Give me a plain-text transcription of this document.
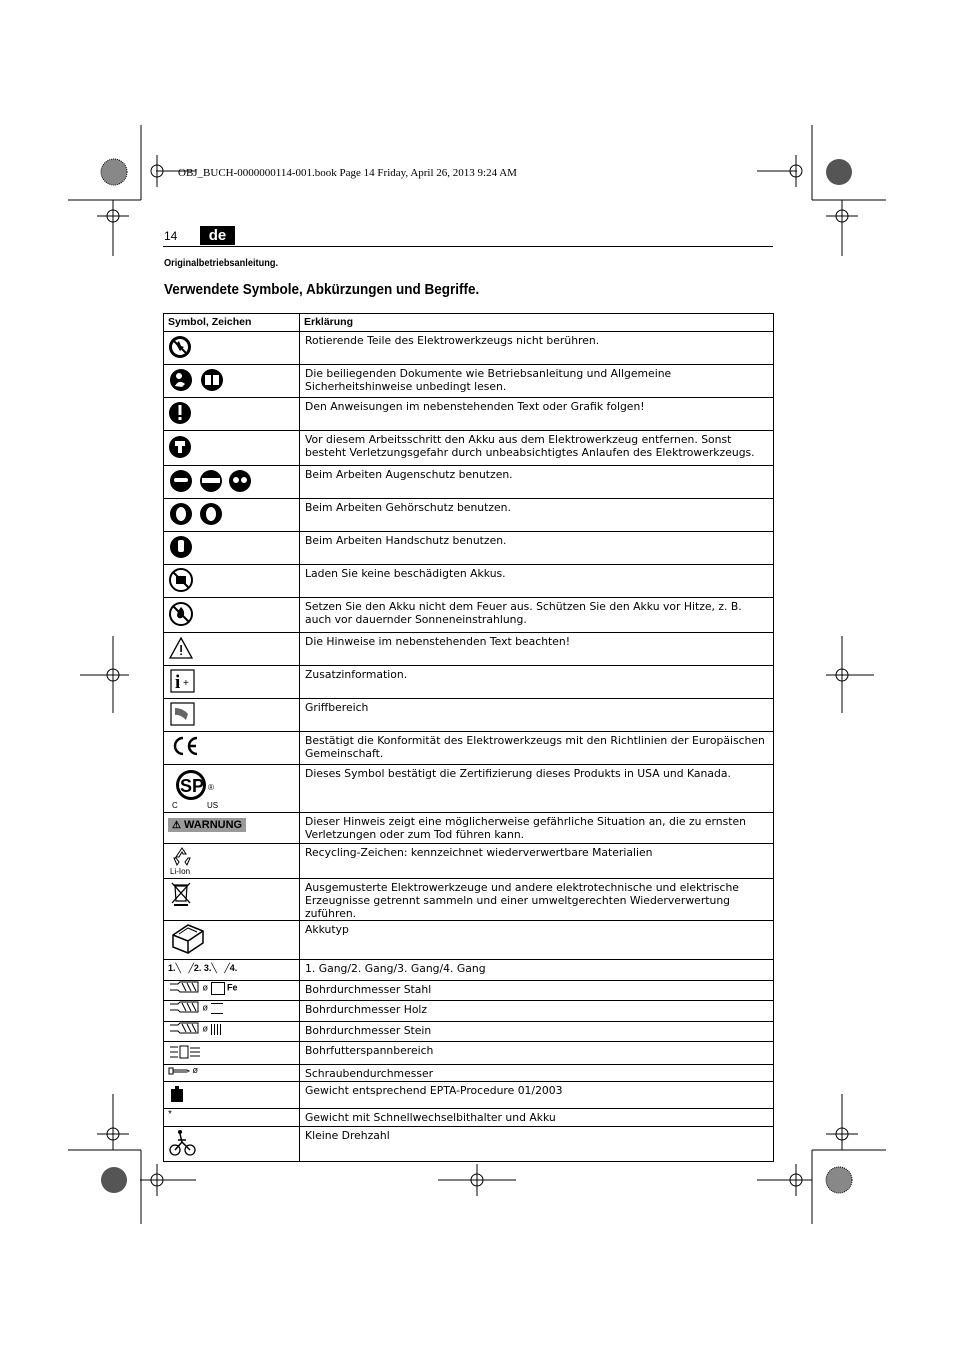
OBJ_BUCH-0000000114-001.book Page 14 Friday, April 26, 2013 9:24 AM
14	de
Originalbetriebsanleitung.
Verwendete Symbole, Abkürzungen und Begriffe.
Symbol, Zeichen	Erklärung
	Rotierende Teile des Elektrowerkzeugs nicht berühren.
	Die beiliegenden Dokumente wie Betriebsanleitung und Allgemeine Sicherheitshinweise unbedingt lesen.
	Den Anweisungen im nebenstehenden Text oder Grafik folgen!
	Vor diesem Arbeitsschritt den Akku aus dem Elektrowerkzeug entfernen. Sonst besteht Verletzungsgefahr durch unbeabsichtigtes Anlaufen des Elektrowerkzeugs.
	Beim Arbeiten Augenschutz benutzen.
	Beim Arbeiten Gehörschutz benutzen.
	Beim Arbeiten Handschutz benutzen.
	Laden Sie keine beschädigten Akkus.
	Setzen Sie den Akku nicht dem Feuer aus. Schützen Sie den Akku vor Hitze, z. B. auch vor dauernder Sonneneinstrahlung.
	Die Hinweise im nebenstehenden Text beachten!

i +	Zusatzinformation.
	Griffbereich
	Bestätigt die Konformität des Elektrowerkzeugs mit den Richtlinien der Europäischen Gemeinschaft.

SP ®
C US	Dieses Symbol bestätigt die Zertifizierung dieses Produkts in USA und Kanada.
⚠ WARNUNG	Dieser Hinweis zeigt eine möglicherweise gefährliche Situation an, die zu ernsten Verletzungen oder zum Tod führen kann.

Li-Ion	Recycling-Zeichen: kennzeichnet wiederverwertbare Materialien
	Ausgemusterte Elektrowerkzeuge und andere elektrotechnische und elektrische Erzeugnisse getrennt sammeln und einer umweltgerechten Wiederverwertung zuführen.
	Akkutyp
1.╲   ╱2. 3.╲   ╱4.	1. Gang/2. Gang/3. Gang/4. Gang
ø Fe	Bohrdurchmesser Stahl
ø	Bohrdurchmesser Holz
ø	Bohrdurchmesser Stein
	Bohrfutterspannbereich
ø	Schraubendurchmesser
	Gewicht entsprechend EPTA-Procedure 01/2003
*	Gewicht mit Schnellwechselbithalter und Akku
	Kleine Drehzahl
